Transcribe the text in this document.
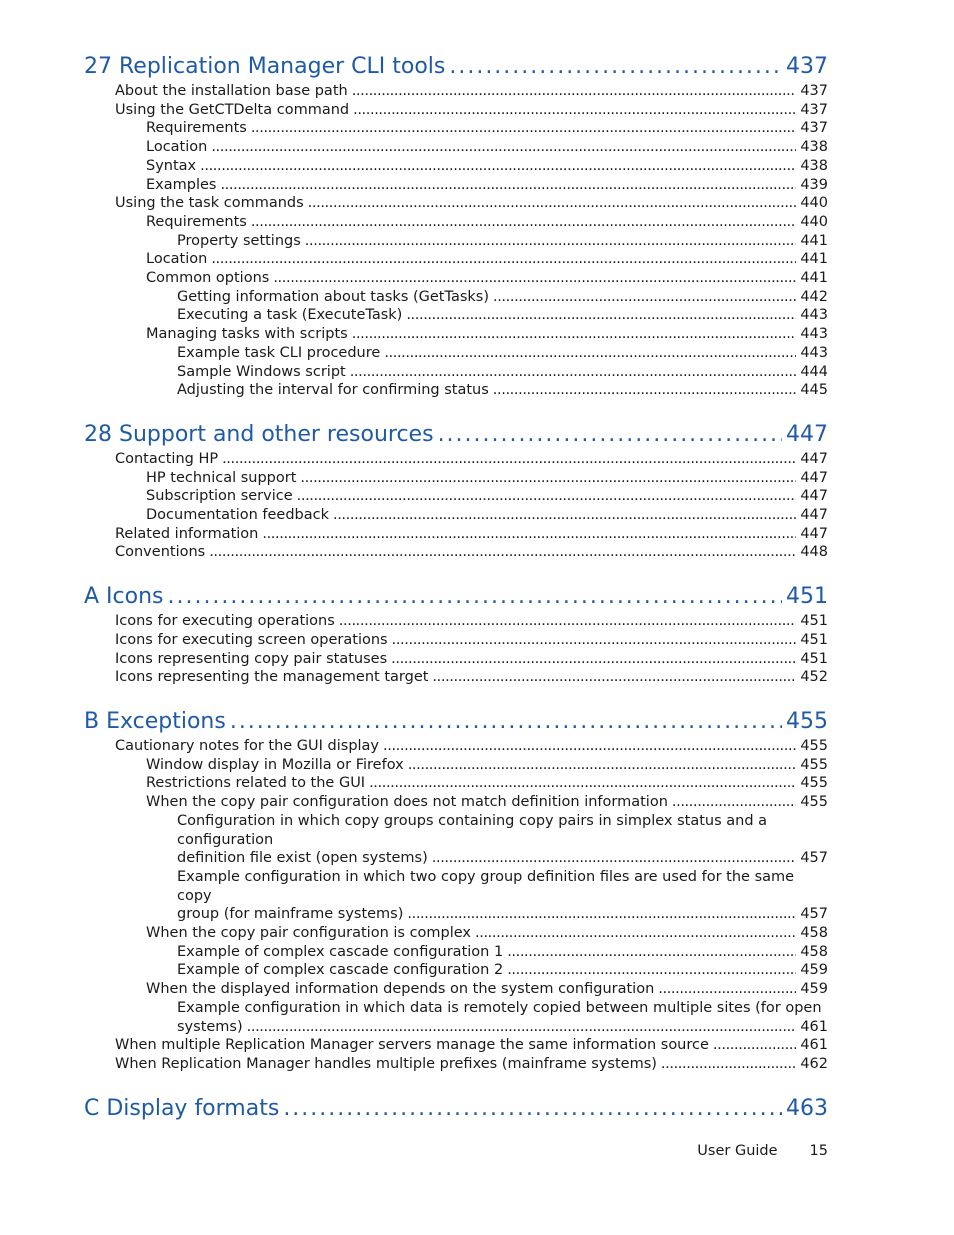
27 Replication Manager CLI tools . . .	437
About the installation base path . . .	437
Using the GetCTDelta command . . .	437
Requirements . . .	437
Location . . .	438
Syntax . . .	438
Examples . . .	439
Using the task commands . . .	440
Requirements . . .	440
Property settings . . .	441
Location . . .	441
Common options . . .	441
Getting information about tasks (GetTasks) . . .	442
Executing a task (ExecuteTask) . . .	443
Managing tasks with scripts . . .	443
Example task CLI procedure . . .	443
Sample Windows script . . .	444
Adjusting the interval for confirming status . . .	445
28 Support and other resources . . .	447
Contacting HP . . .	447
HP technical support . . .	447
Subscription service . . .	447
Documentation feedback . . .	447
Related information . . .	447
Conventions . . .	448
A Icons . . .	451
Icons for executing operations . . .	451
Icons for executing screen operations . . .	451
Icons representing copy pair statuses . . .	451
Icons representing the management target . . .	452
B Exceptions . . .	455
Cautionary notes for the GUI display . . .	455
Window display in Mozilla or Firefox . . .	455
Restrictions related to the GUI . . .	455
When the copy pair configuration does not match definition information . . .	455
Configuration in which copy groups containing copy pairs in simplex status and a configuration
definition file exist (open systems) . . .	457
Example configuration in which two copy group definition files are used for the same copy
group (for mainframe systems) . . .	457
When the copy pair configuration is complex . . .	458
Example of complex cascade configuration 1 . . .	458
Example of complex cascade configuration 2 . . .	459
When the displayed information depends on the system configuration . . .	459
Example configuration in which data is remotely copied between multiple sites (for open
systems) . . .	461
When multiple Replication Manager servers manage the same information source . . .	461
When Replication Manager handles multiple prefixes (mainframe systems) . . .	462
C Display formats . . .	463
User Guide 15
